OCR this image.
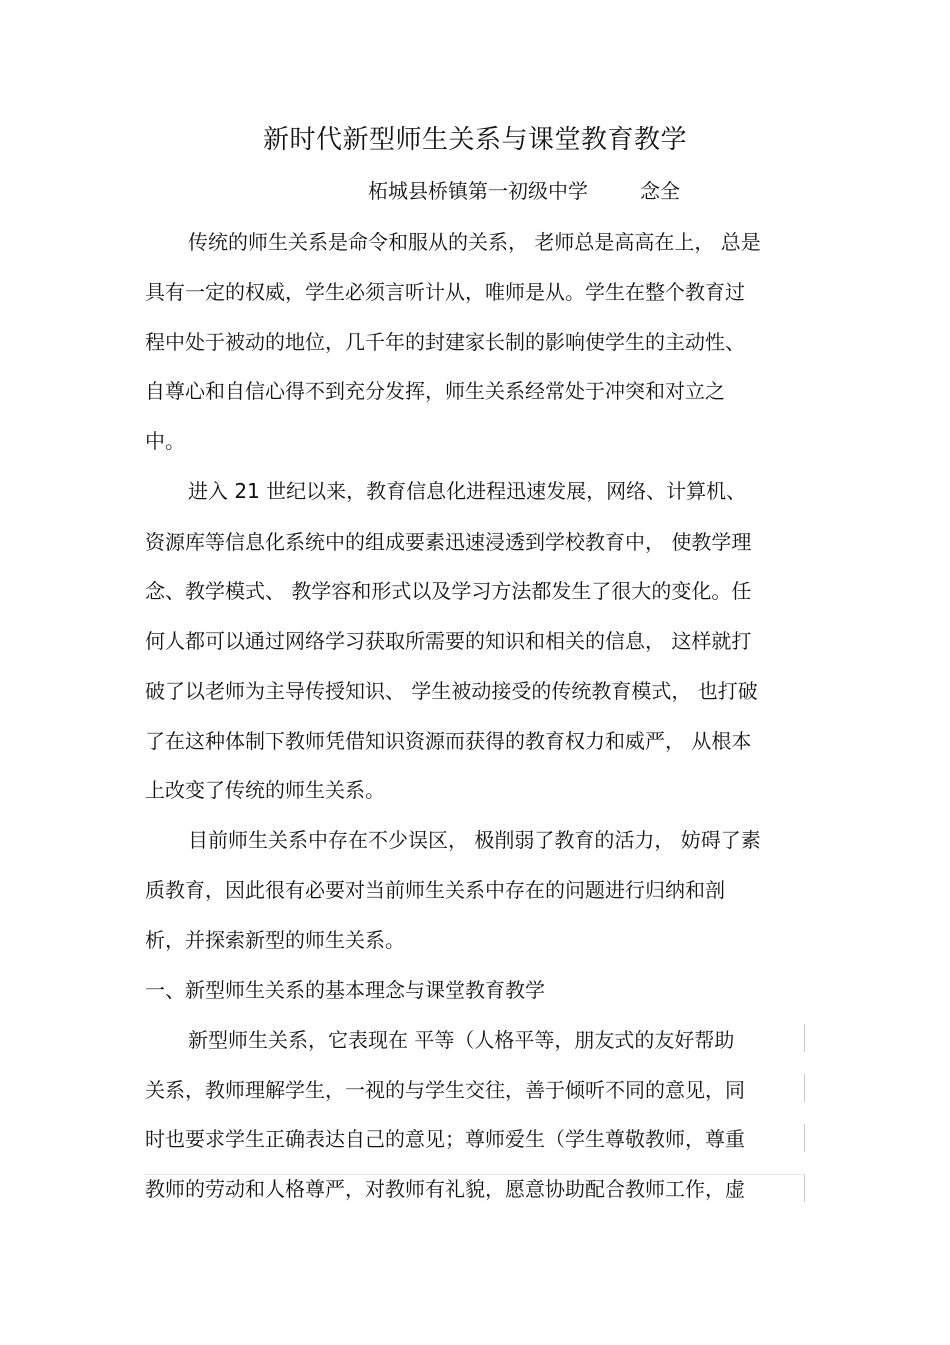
新时代新型师生关系与课堂教育教学
柘城县桥镇第一初级中学	念全
传统的师生关系是命令和服从的关系， 老师总是高高在上， 总是
具有一定的权威，学生必须言听计从，唯师是从。学生在整个教育过
程中处于被动的地位，几千年的封建家长制的影响使学生的主动性、
自尊心和自信心得不到充分发挥，师生关系经常处于冲突和对立之
中。
进入 21 世纪以来，教育信息化进程迅速发展，网络、计算机、
资源库等信息化系统中的组成要素迅速浸透到学校教育中， 使教学理
念、教学模式、 教学容和形式以及学习方法都发生了很大的变化。任
何人都可以通过网络学习获取所需要的知识和相关的信息， 这样就打
破了以老师为主导传授知识、 学生被动接受的传统教育模式， 也打破
了在这种体制下教师凭借知识资源而获得的教育权力和威严， 从根本
上改变了传统的师生关系。
目前师生关系中存在不少误区， 极削弱了教育的活力， 妨碍了素
质教育，因此很有必要对当前师生关系中存在的问题进行归纳和剖
析，并探索新型的师生关系。
一、新型师生关系的基本理念与课堂教育教学
新型师生关系，它表现在 平等（人格平等，朋友式的友好帮助
关系，教师理解学生，一视的与学生交往，善于倾听不同的意见，同
时也要求学生正确表达自己的意见；尊师爱生（学生尊敬教师，尊重
教师的劳动和人格尊严，对教师有礼貌，愿意协助配合教师工作，虚
